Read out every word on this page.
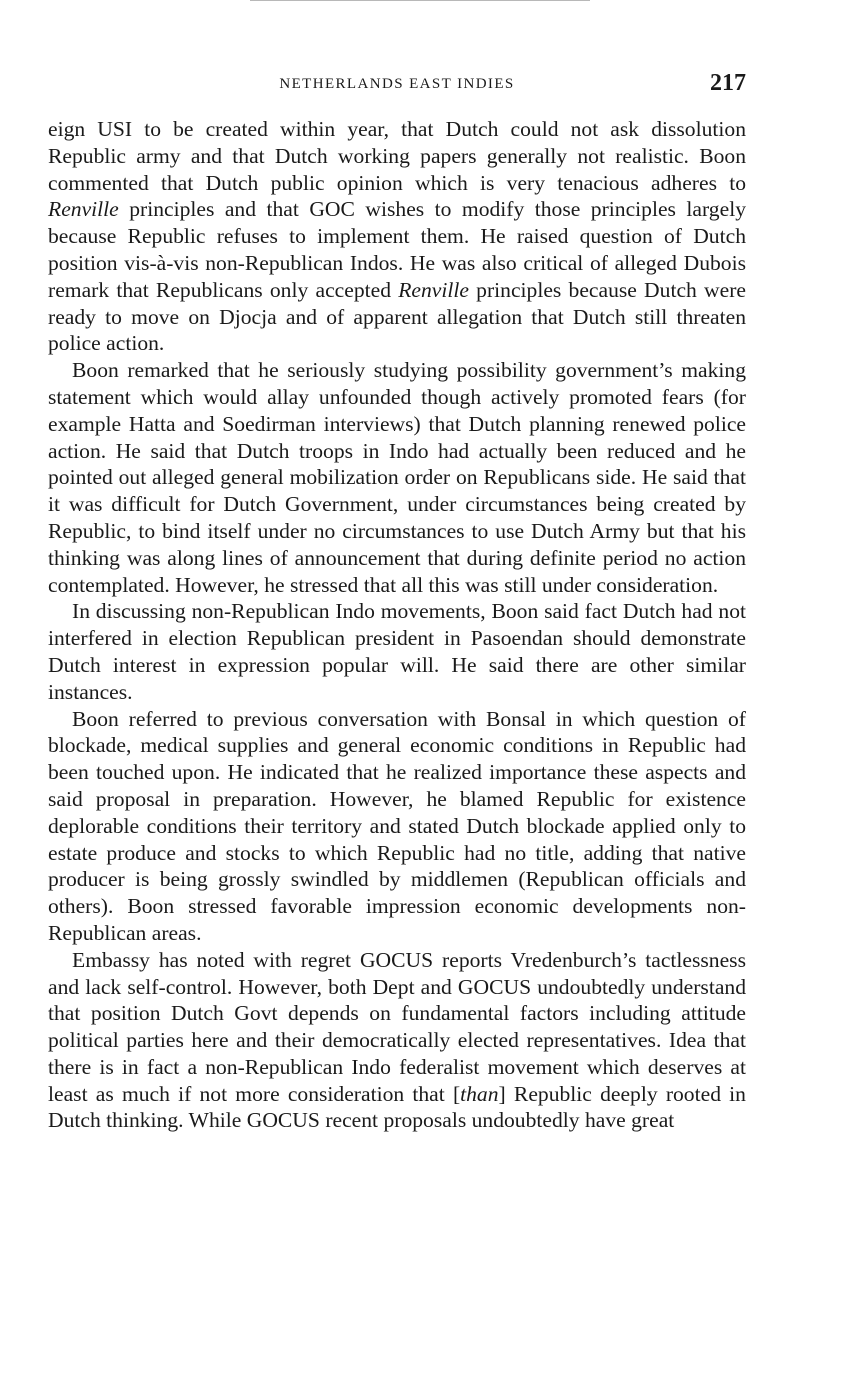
NETHERLANDS EAST INDIES	217

eign USI to be created within year, that Dutch could not ask dissolution Republic army and that Dutch working papers generally not realistic. Boon commented that Dutch public opinion which is very tenacious adheres to Renville principles and that GOC wishes to modify those principles largely because Republic refuses to implement them. He raised question of Dutch position vis-à-vis non-Republican Indos. He was also critical of alleged Dubois remark that Republicans only accepted Renville principles because Dutch were ready to move on Djocja and of apparent allegation that Dutch still threaten police action.

Boon remarked that he seriously studying possibility government’s making statement which would allay unfounded though actively promoted fears (for example Hatta and Soedirman interviews) that Dutch planning renewed police action. He said that Dutch troops in Indo had actually been reduced and he pointed out alleged general mobilization order on Republicans side. He said that it was difficult for Dutch Government, under circumstances being created by Republic, to bind itself under no circumstances to use Dutch Army but that his thinking was along lines of announcement that during definite period no action contemplated. However, he stressed that all this was still under consideration.

In discussing non-Republican Indo movements, Boon said fact Dutch had not interfered in election Republican president in Pasoendan should demonstrate Dutch interest in expression popular will. He said there are other similar instances.

Boon referred to previous conversation with Bonsal in which question of blockade, medical supplies and general economic conditions in Republic had been touched upon. He indicated that he realized importance these aspects and said proposal in preparation. However, he blamed Republic for existence deplorable conditions their territory and stated Dutch blockade applied only to estate produce and stocks to which Republic had no title, adding that native producer is being grossly swindled by middlemen (Republican officials and others). Boon stressed favorable impression economic developments non-Republican areas.

Embassy has noted with regret GOCUS reports Vredenburch’s tactlessness and lack self-control. However, both Dept and GOCUS undoubtedly understand that position Dutch Govt depends on fundamental factors including attitude political parties here and their democratically elected representatives. Idea that there is in fact a non-Republican Indo federalist movement which deserves at least as much if not more consideration that [than] Republic deeply rooted in Dutch thinking. While GOCUS recent proposals undoubtedly have great
